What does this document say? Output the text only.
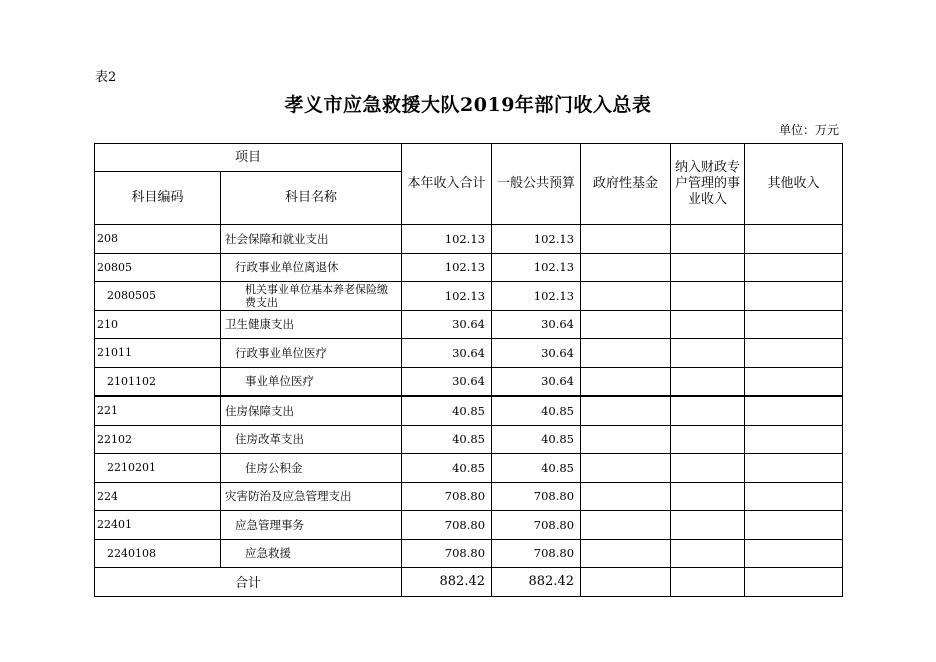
表2
孝义市应急救援大队2019年部门收入总表
单位：万元
项目		本年收入合计	一般公共预算	政府性基金	纳入财政专户管理的事业收入	其他收入
科目编码	科目名称					
208	社会保障和就业支出	102.13	102.13			
20805	行政事业单位离退休	102.13	102.13			
2080505	机关事业单位基本养老保险缴费支出	102.13	102.13			
210	卫生健康支出	30.64	30.64			
21011	行政事业单位医疗	30.64	30.64			
2101102	事业单位医疗	30.64	30.64			
221	住房保障支出	40.85	40.85			
22102	住房改革支出	40.85	40.85			
2210201	住房公积金	40.85	40.85			
224	灾害防治及应急管理支出	708.80	708.80			
22401	应急管理事务	708.80	708.80			
2240108	应急救援	708.80	708.80			
合计		882.42	882.42			
